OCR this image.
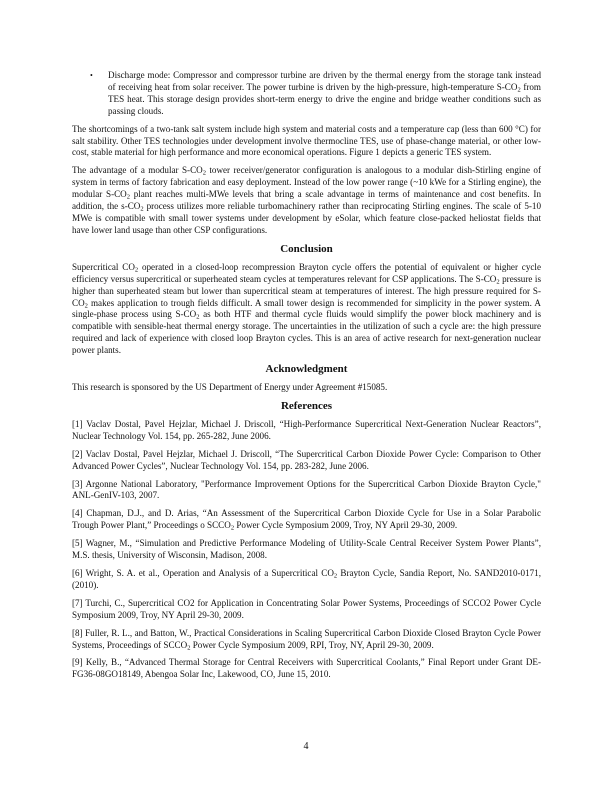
•	Discharge mode: Compressor and compressor turbine are driven by the thermal energy from the storage tank instead of receiving heat from solar receiver. The power turbine is driven by the high-pressure, high-temperature $S-CO_2$ from TES heat. This storage design provides short-term energy to drive the engine and bridge weather conditions such as passing clouds.

The shortcomings of a two-tank salt system include high system and material costs and a temperature cap (less than 600 °C) for salt stability. Other TES technologies under development involve thermocline TES, use of phase-change material, or other low-cost, stable material for high performance and more economical operations. Figure 1 depicts a generic TES system.

The advantage of a modular $S-CO_2$ tower receiver/generator configuration is analogous to a modular dish-Stirling engine of system in terms of factory fabrication and easy deployment. Instead of the low power range (~10 kWe for a Stirling engine), the modular $S-CO_2$ plant reaches multi-MWe levels that bring a scale advantage in terms of maintenance and cost benefits. In addition, the $s-CO_2$ process utilizes more reliable turbomachinery rather than reciprocating Stirling engines. The scale of 5-10 MWe is compatible with small tower systems under development by eSolar, which feature close-packed heliostat fields that have lower land usage than other CSP configurations.

Conclusion

Supercritical $CO_2$ operated in a closed-loop recompression Brayton cycle offers the potential of equivalent or higher cycle efficiency versus supercritical or superheated steam cycles at temperatures relevant for CSP applications. The $S-CO_2$ pressure is higher than superheated steam but lower than supercritical steam at temperatures of interest. The high pressure required for $S-CO_2$ makes application to trough fields difficult. A small tower design is recommended for simplicity in the power system. A single-phase process using $S-CO_2$ as both HTF and thermal cycle fluids would simplify the power block machinery and is compatible with sensible-heat thermal energy storage. The uncertainties in the utilization of such a cycle are: the high pressure required and lack of experience with closed loop Brayton cycles. This is an area of active research for next-generation nuclear power plants.

Acknowledgment

This research is sponsored by the US Department of Energy under Agreement #15085.

References
[1] Vaclav Dostal, Pavel Hejzlar, Michael J. Driscoll, “High-Performance Supercritical Next-Generation Nuclear Reactors”, Nuclear Technology Vol. 154, pp. 265-282, June 2006.
[2] Vaclav Dostal, Pavel Hejzlar, Michael J. Driscoll, “The Supercritical Carbon Dioxide Power Cycle: Comparison to Other Advanced Power Cycles”, Nuclear Technology Vol. 154, pp. 283-282, June 2006.
[3] Argonne National Laboratory, "Performance Improvement Options for the Supercritical Carbon Dioxide Brayton Cycle," ANL-GenIV-103, 2007.
[4] Chapman, D.J., and D. Arias, “An Assessment of the Supercritical Carbon Dioxide Cycle for Use in a Solar Parabolic Trough Power Plant,” Proceedings o $SCCO_2$ Power Cycle Symposium 2009, Troy, NY April 29-30, 2009.
[5] Wagner, M., “Simulation and Predictive Performance Modeling of Utility-Scale Central Receiver System Power Plants”, M.S. thesis, University of Wisconsin, Madison, 2008.
[6] Wright, S. A. et al., Operation and Analysis of a Supercritical $CO_2$ Brayton Cycle, Sandia Report, No. SAND2010-0171, (2010).
[7] Turchi, C., Supercritical CO2 for Application in Concentrating Solar Power Systems, Proceedings of SCCO2 Power Cycle Symposium 2009, Troy, NY April 29-30, 2009.
[8] Fuller, R. L., and Batton, W., Practical Considerations in Scaling Supercritical Carbon Dioxide Closed Brayton Cycle Power Systems, Proceedings of $SCCO_2$ Power Cycle Symposium 2009, RPI, Troy, NY, April 29-30, 2009.
[9] Kelly, B., “Advanced Thermal Storage for Central Receivers with Supercritical Coolants,” Final Report under Grant DE-FG36-08GO18149, Abengoa Solar Inc, Lakewood, CO, June 15, 2010.
4
